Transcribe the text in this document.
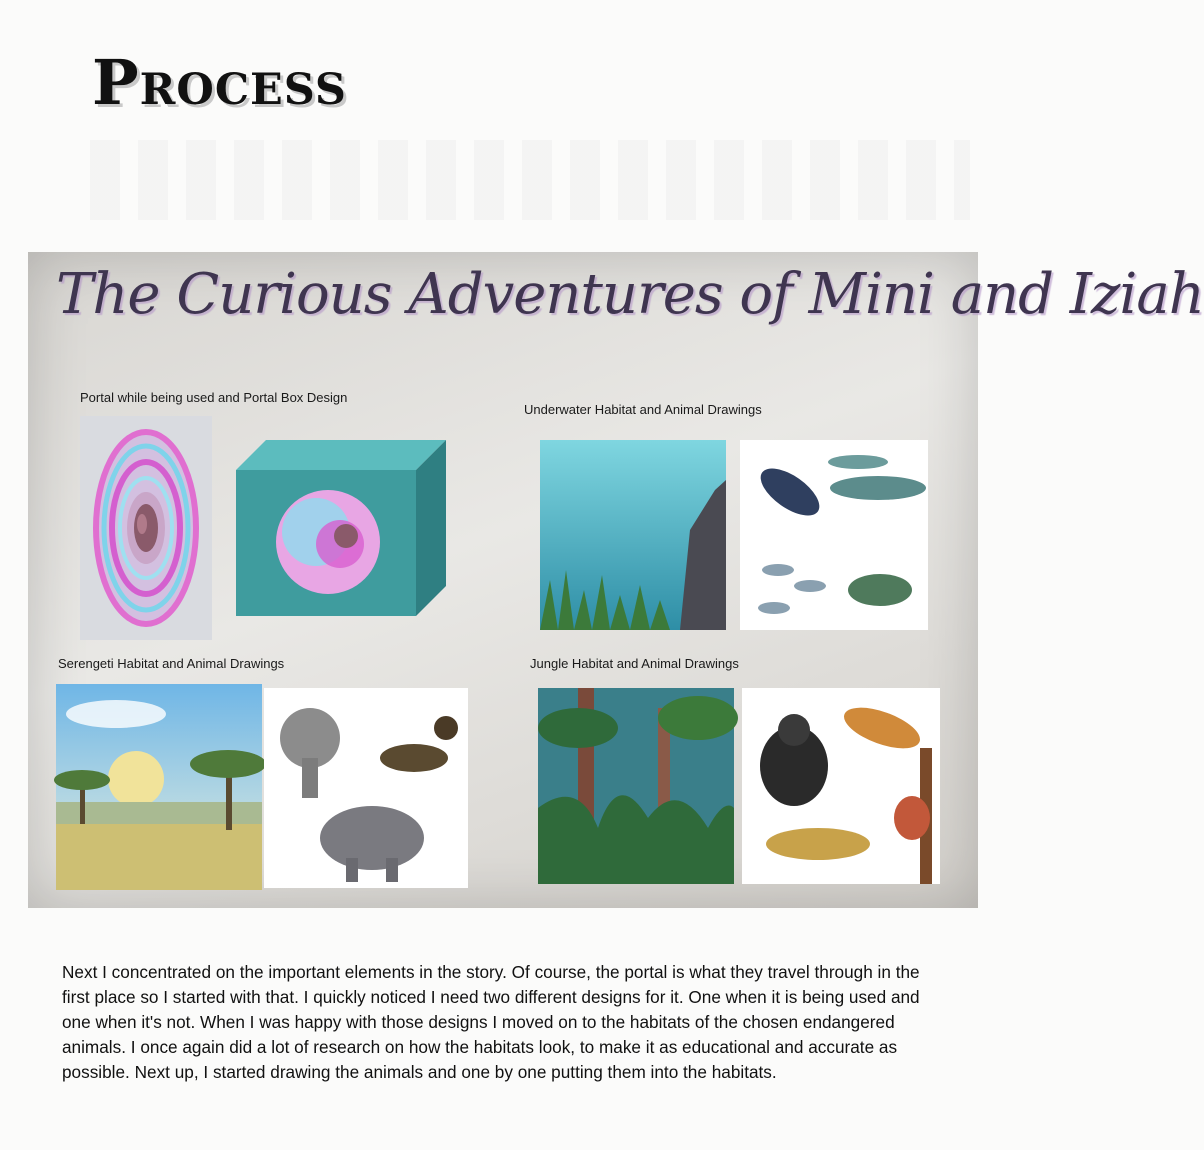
Process
The Curious Adventures of Mini and Iziah
Portal while being used and Portal Box Design
Underwater Habitat and Animal Drawings
Serengeti Habitat and Animal Drawings	Jungle Habitat and Animal Drawings

Next I concentrated on the important elements in the story. Of course, the portal is what they travel through in the first place so I started with that. I quickly noticed I need two different designs for it. One when it is being used and one when it's not. When I was happy with those designs I moved on to the habitats of the chosen endangered animals. I once again did a lot of research on how the habitats look, to make it as educational and accurate as possible. Next up, I started drawing the animals and one by one putting them into the habitats.
